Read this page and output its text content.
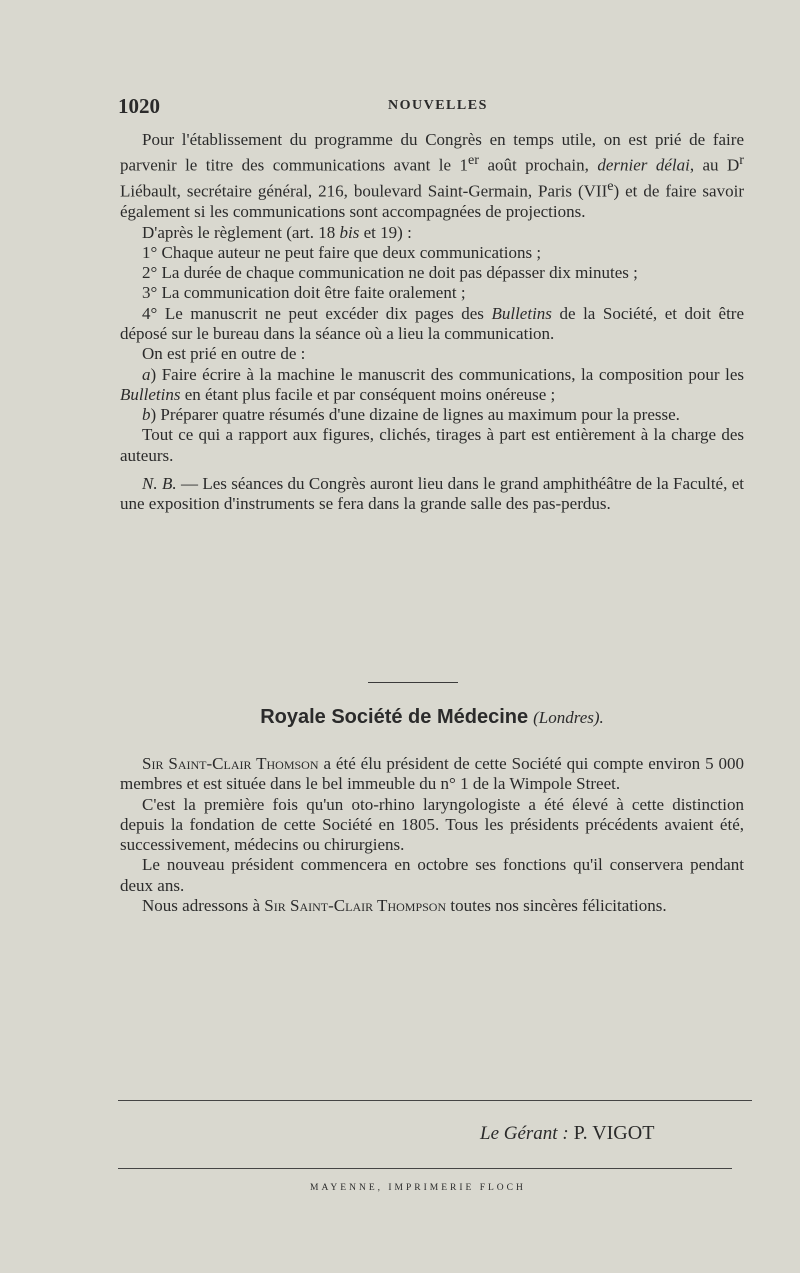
1020	NOUVELLES

Pour l'établissement du programme du Congrès en temps utile, on est prié de faire parvenir le titre des communications avant le 1er août prochain, dernier délai, au $D^r$ Liébault, secrétaire général, 216, boulevard Saint-Germain, Paris (VIIe) et de faire savoir également si les communications sont accompagnées de projections.

D'après le règlement (art. 18 bis et 19) :

1° Chaque auteur ne peut faire que deux communications ;

2° La durée de chaque communication ne doit pas dépasser dix minutes ;

3° La communication doit être faite oralement ;

4° Le manuscrit ne peut excéder dix pages des Bulletins de la Société, et doit être déposé sur le bureau dans la séance où a lieu la communication.

On est prié en outre de :

a) Faire écrire à la machine le manuscrit des communications, la composition pour les Bulletins en étant plus facile et par conséquent moins onéreuse ;

b) Préparer quatre résumés d'une dizaine de lignes au maximum pour la presse.

Tout ce qui a rapport aux figures, clichés, tirages à part est entièrement à la charge des auteurs.

N. B. — Les séances du Congrès auront lieu dans le grand amphithéâtre de la Faculté, et une exposition d'instruments se fera dans la grande salle des pas-perdus.

Royale Société de Médecine (Londres).

Sir Saint-Clair Thomson a été élu président de cette Société qui compte environ 5 000 membres et est située dans le bel immeuble du n° 1 de la Wimpole Street.

C'est la première fois qu'un oto-rhino laryngologiste a été élevé à cette distinction depuis la fondation de cette Société en 1805. Tous les présidents précédents avaient été, successivement, médecins ou chirurgiens.

Le nouveau président commencera en octobre ses fonctions qu'il conservera pendant deux ans.

Nous adressons à Sir Saint-Clair Thompson toutes nos sincères félicitations.

Le Gérant : P. VIGOT
MAYENNE, IMPRIMERIE FLOCH
